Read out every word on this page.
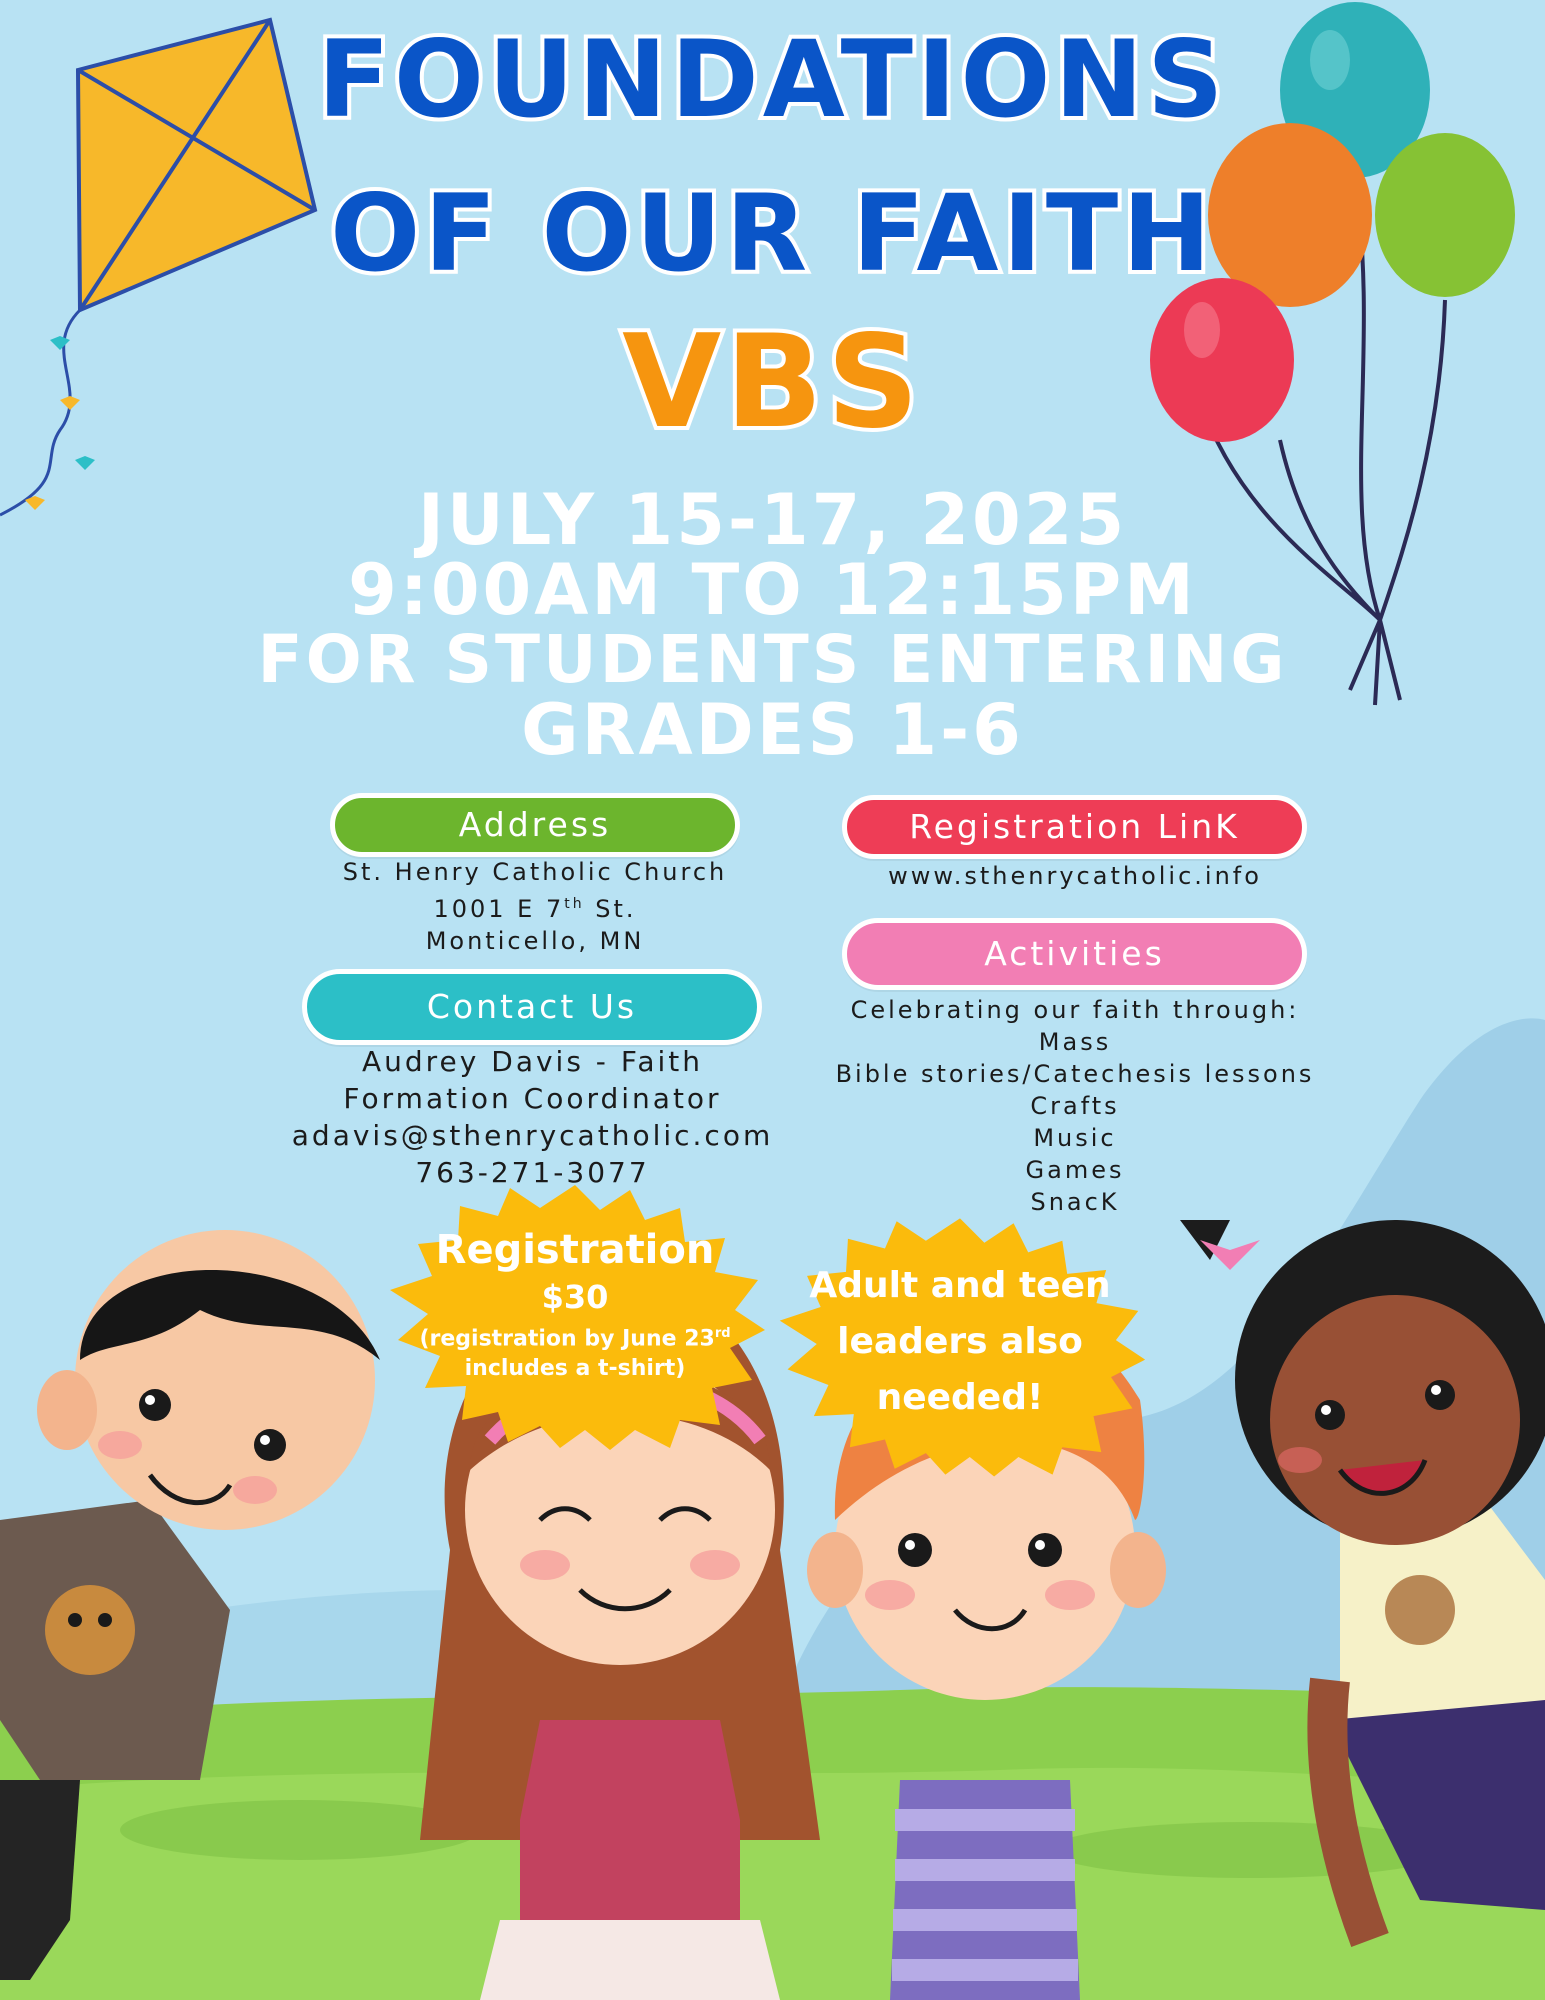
FOUNDATIONS
OF OUR FAITH
VBS
JULY 15-17, 2025
9:00AM TO 12:15PM
FOR STUDENTS ENTERING
GRADES 1-6
Address
St. Henry Catholic Church
1001 E 7th St.
Monticello, MN
Registration LinK
www.sthenrycatholic.info
Activities
Celebrating our faith through:
Mass
Bible stories/Catechesis lessons
Crafts
Music
Games
SnacK
Contact Us
Audrey Davis - Faith
Formation Coordinator
adavis@sthenrycatholic.com
763-271-3077
Registration
$30
(registration by June 23rd
includes a t-shirt)
Adult and teen
leaders also
needed!
